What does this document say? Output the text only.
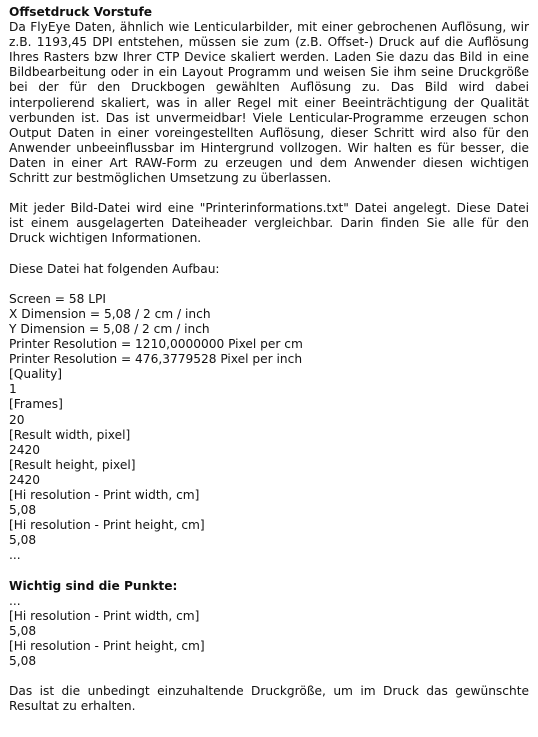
Offsetdruck Vorstufe

Da FlyEye Daten, ähnlich wie Lenticularbilder, mit einer gebrochenen Auflösung, wir z.B. 1193,45 DPI entstehen, müssen sie zum (z.B. Offset-) Druck auf die Auflösung Ihres Rasters bzw Ihrer CTP Device skaliert werden. Laden Sie dazu das Bild in eine Bildbearbeitung oder in ein Layout Programm und weisen Sie ihm seine Druckgröße bei der für den Druckbogen gewählten Auflösung zu. Das Bild wird dabei interpolierend skaliert, was in aller Regel mit einer Beeinträchtigung der Qualität verbunden ist. Das ist unvermeidbar! Viele Lenticular-Programme erzeugen schon Output Daten in einer voreingestellten Auflösung, dieser Schritt wird also für den Anwender unbeeinflussbar im Hintergrund vollzogen. Wir halten es für besser, die Daten in einer Art RAW-Form zu erzeugen und dem Anwender diesen wichtigen Schritt zur bestmöglichen Umsetzung zu überlassen.

Mit jeder Bild-Datei wird eine "Printerinformations.txt" Datei angelegt. Diese Datei ist einem ausgelagerten Dateiheader vergleichbar. Darin finden Sie alle für den Druck wichtigen Informationen.

Diese Datei hat folgenden Aufbau:

Screen = 58 LPI
X Dimension = 5,08 / 2 cm / inch
Y Dimension = 5,08 / 2 cm / inch
Printer Resolution = 1210,0000000 Pixel per cm
Printer Resolution = 476,3779528 Pixel per inch
[Quality]
1
[Frames]
20
[Result width, pixel]
2420
[Result height, pixel]
2420
[Hi resolution - Print width, cm]
5,08
[Hi resolution - Print height, cm]
5,08
...
Wichtig sind die Punkte:
...
[Hi resolution - Print width, cm]
5,08
[Hi resolution - Print height, cm]
5,08

Das ist die unbedingt einzuhaltende Druckgröße, um im Druck das gewünschte Resultat zu erhalten.
